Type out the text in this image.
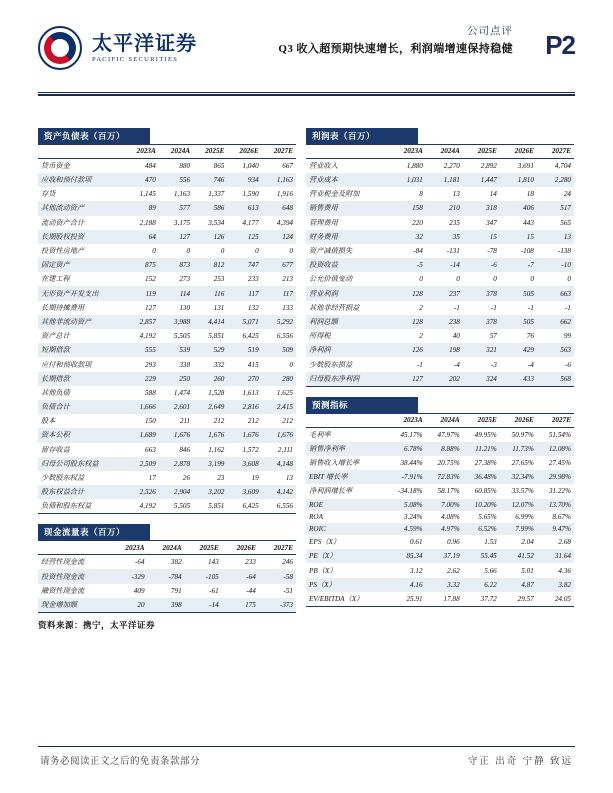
太平洋证券
PACIFIC SECURITIES
公司点评
Q3 收入超预期快速增长，利润端增速保持稳健	P2
资产负债表（百万）
	2023A	2024A	2025E	2026E	2027E
货币资金	484	880	865	1,040	667
应收和预付款项	470	556	746	934	1,163
存货	1,145	1,163	1,337	1,590	1,916
其他流动资产	89	577	586	613	648
流动资产合计	2,188	3,175	3,534	4,177	4,394
长期股权投资	64	127	126	125	124
投资性房地产	0	0	0	0	0
固定资产	875	873	812	747	677
在建工程	152	273	253	233	213
无形资产开发支出	119	114	116	117	117
长期待摊费用	127	130	131	132	133
其他非流动资产	2,857	3,988	4,414	5,071	5,292
资产总计	4,192	5,505	5,851	6,425	6,556
短期借款	555	539	529	519	509
应付和预收款项	293	338	332	415	0
长期借款	229	250	260	270	280
其他负债	588	1,474	1,528	1,613	1,625
负债合计	1,666	2,601	2,649	2,816	2,415
股本	150	211	212	212	212
资本公积	1,689	1,676	1,676	1,676	1,676
留存收益	663	846	1,162	1,572	2,111
归母公司股东权益	2,509	2,878	3,199	3,608	4,148
少数股东权益	17	26	23	19	13
股东权益合计	2,526	2,904	3,202	3,609	4,142
负债和股东权益	4,192	5,505	5,851	6,425	6,556
现金流量表（百万）
	2023A	2024A	2025E	2026E	2027E
经营性现金流	-64	382	143	233	246
投资性现金流	-329	-784	-105	-64	-58
融资性现金流	409	791	-61	-44	-51
现金增加额	20	398	-14	175	-373
资料来源：携宁，太平洋证券
利润表（百万）
	2023A	2024A	2025E	2026E	2027E
营业收入	1,880	2,270	2,892	3,691	4,704
营业成本	1,031	1,181	1,447	1,810	2,280
营业税金及附加	8	13	14	18	24
销售费用	158	210	318	406	517
管理费用	220	235	347	443	565
财务费用	32	35	15	15	13
资产减值损失	-84	-131	-78	-108	-138
投资收益	-5	-14	-6	-7	-10
公允价值变动	0	0	0	0	0
营业利润	128	237	378	505	663
其他非经营损益	2	-1	-1	-1	-1
利润总额	128	238	378	505	662
所得税	2	40	57	76	99
净利润	126	198	321	429	563
少数股东损益	-1	-4	-3	-4	-6
归母股东净利润	127	202	324	433	568
预测指标
	2023A	2024A	2025E	2026E	2027E
毛利率	45.17%	47.97%	49.95%	50.97%	51.54%
销售净利率	6.78%	8.88%	11.21%	11.73%	12.08%
销售收入增长率	38.44%	20.75%	27.38%	27.65%	27.45%
EBIT 增长率	-7.91%	72.83%	36.48%	32.34%	29.98%
净利润增长率	-34.18%	58.17%	60.85%	33.57%	31.22%
ROE	5.08%	7.00%	10.20%	12.07%	13.70%
ROA	3.24%	4.08%	5.65%	6.99%	8.67%
ROIC	4.59%	4.97%	6.52%	7.99%	9.47%
EPS（X）	0.61	0.96	1.53	2.04	2.68
PE（X）	85.34	37.19	55.45	41.52	31.64
PB（X）	3.12	2.62	5.66	5.01	4.36
PS（X）	4.16	3.32	6.22	4.87	3.82
EV/EBITDA（X）	25.91	17.88	37.72	29.57	24.05
请务必阅读正文之后的免责条款部分	守正 出奇 宁静 致远
